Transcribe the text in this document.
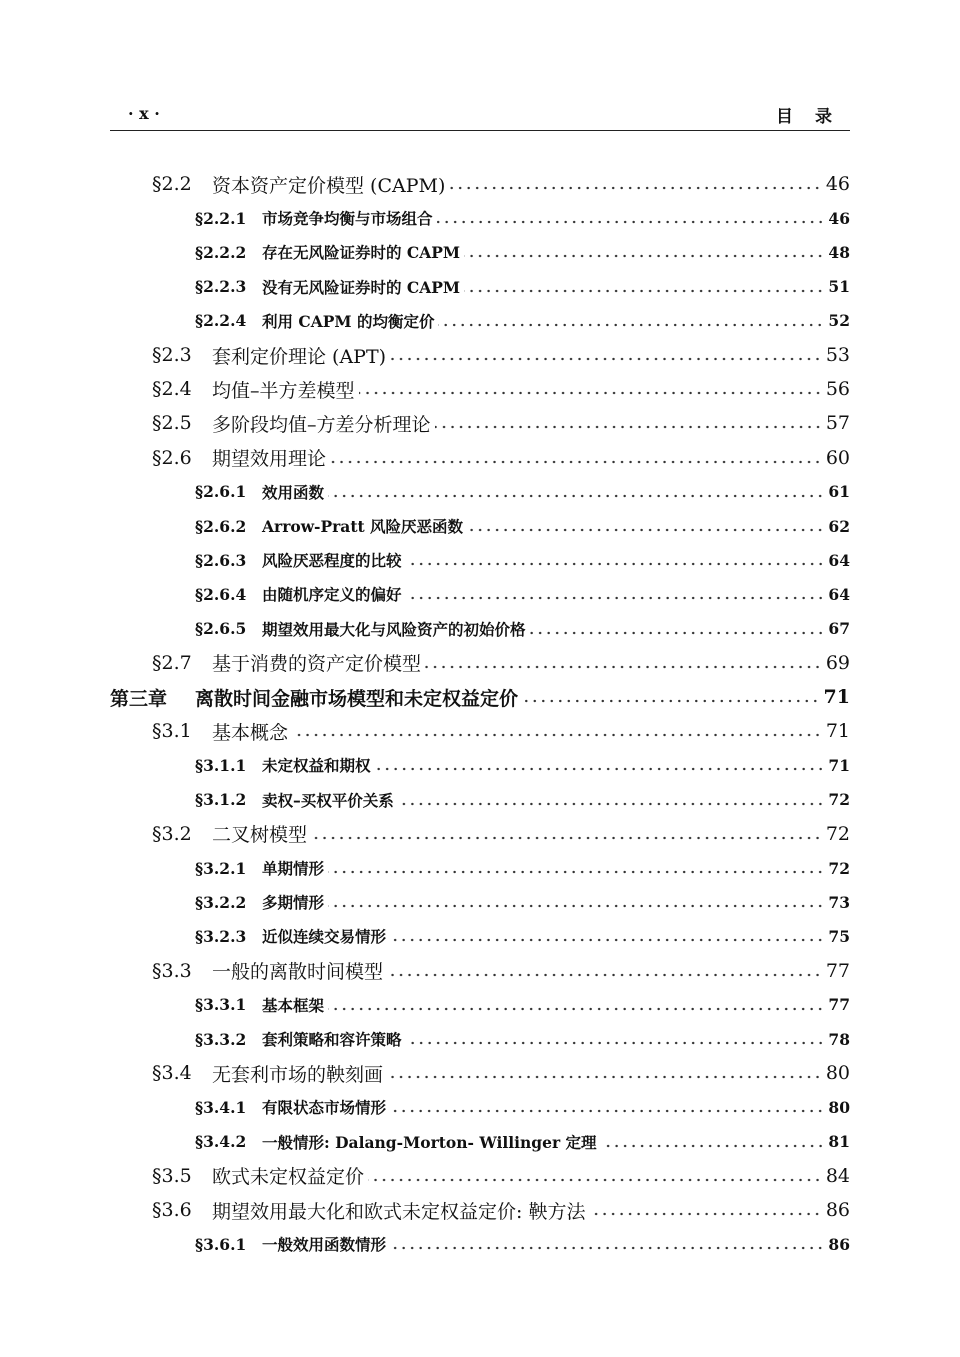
· x ·	目录
§2.2	资本资产定价模型 (CAPM)	46
§2.2.1	市场竞争均衡与市场组合	46
§2.2.2	存在无风险证券时的 CAPM	48
§2.2.3	没有无风险证券时的 CAPM	51
§2.2.4	利用 CAPM 的均衡定价	52
§2.3	套利定价理论 (APT)	53
§2.4	均值–半方差模型	56
§2.5	多阶段均值–方差分析理论	57
§2.6	期望效用理论	60
§2.6.1	效用函数	61
§2.6.2	Arrow-Pratt 风险厌恶函数	62
§2.6.3	风险厌恶程度的比较	64
§2.6.4	由随机序定义的偏好	64
§2.6.5	期望效用最大化与风险资产的初始价格	67
§2.7	基于消费的资产定价模型	69
第三章	离散时间金融市场模型和未定权益定价	71
§3.1	基本概念	71
§3.1.1	未定权益和期权	71
§3.1.2	卖权–买权平价关系	72
§3.2	二叉树模型	72
§3.2.1	单期情形	72
§3.2.2	多期情形	73
§3.2.3	近似连续交易情形	75
§3.3	一般的离散时间模型	77
§3.3.1	基本框架	77
§3.3.2	套利策略和容许策略	78
§3.4	无套利市场的鞅刻画	80
§3.4.1	有限状态市场情形	80
§3.4.2	一般情形: Dalang-Morton- Willinger 定理	81
§3.5	欧式未定权益定价	84
§3.6	期望效用最大化和欧式未定权益定价: 鞅方法	86
§3.6.1	一般效用函数情形	86
